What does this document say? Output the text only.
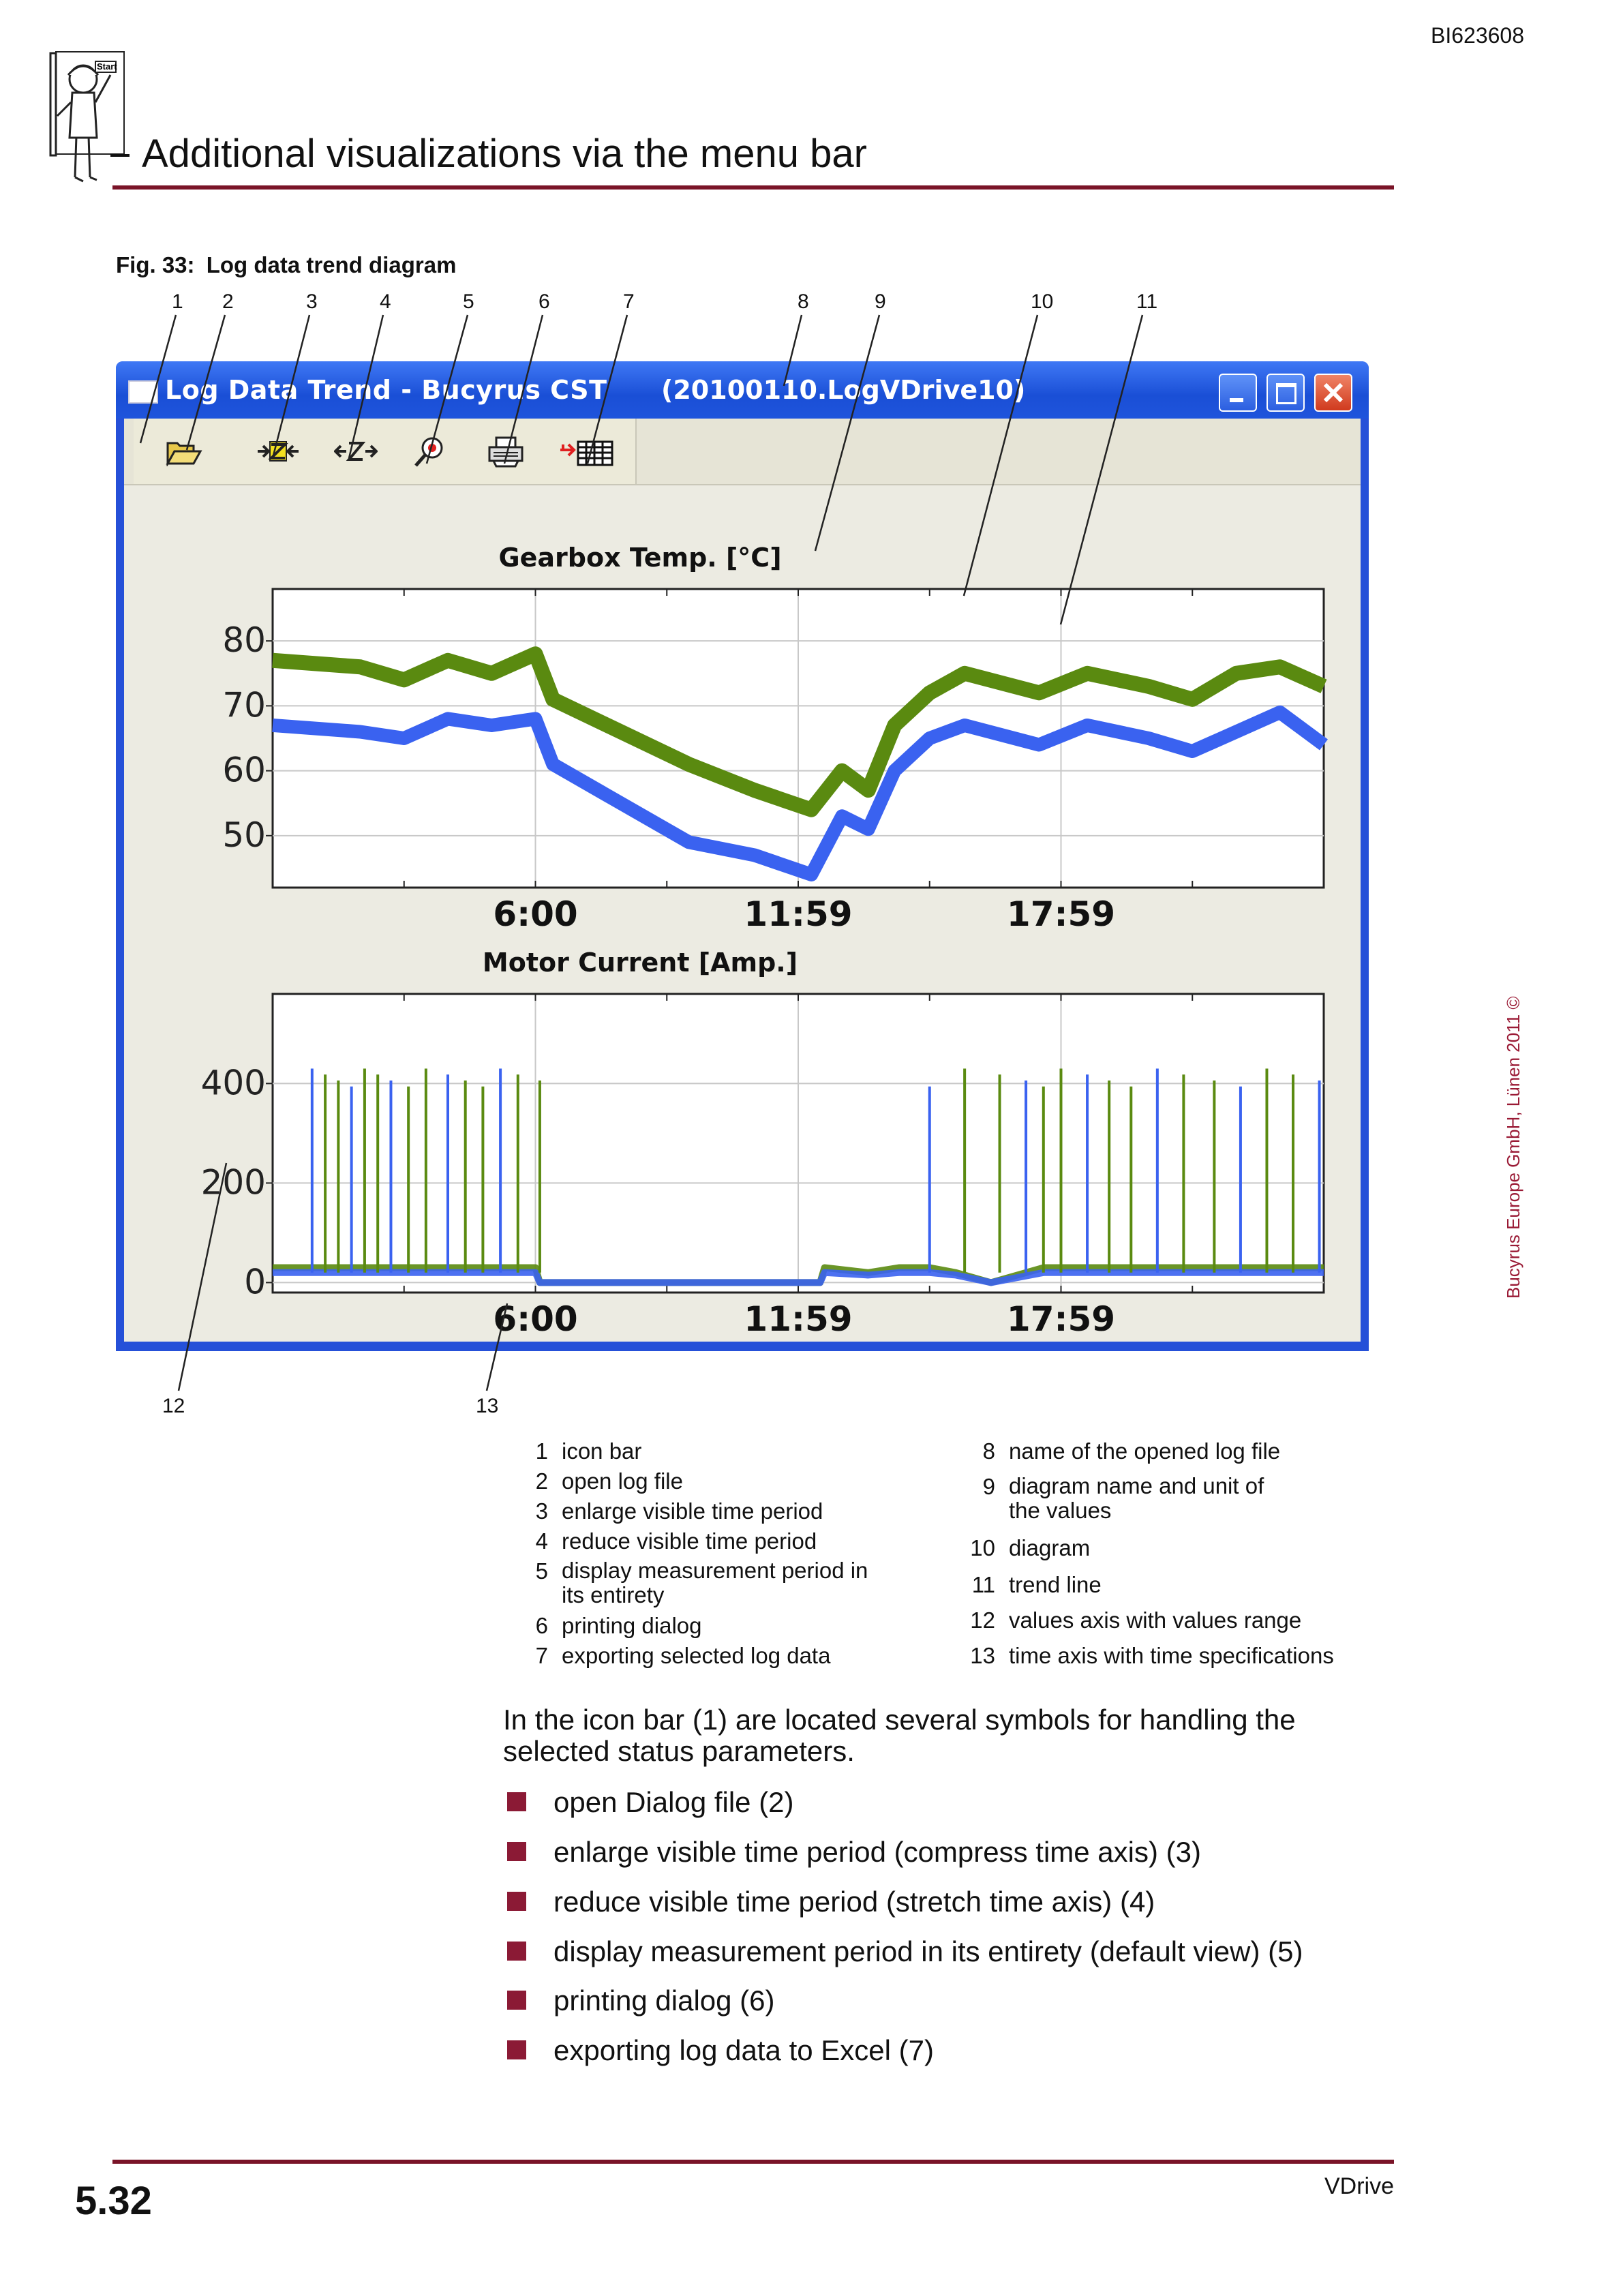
BI623608
Start
Additional visualizations via the menu bar
Fig. 33: Log data trend diagram
1 2	3	4	5	6	7	8	9	10	11
12	13
Log Data Trend - Bucyrus CST (20100110.LogVDrive10)
Gearbox Temp. [°C]
80
70
60
50
6:00	11:59	17:59
Motor Current [Amp.]
400
200
0
6:00	11:59	17:59
1 icon bar
2 open log file
3 enlarge visible time period
4 reduce visible time period
5 display measurement period in its entirety
6 printing dialog
7 exporting selected log data
8 name of the opened log file
9 diagram name and unit of the values
10 diagram
11 trend line
12 values axis with values range
13 time axis with time specifications
In the icon bar (1) are located several symbols for handling the selected status parameters.
open Dialog file (2)
enlarge visible time period (compress time axis) (3)
reduce visible time period (stretch time axis) (4)
display measurement period in its entirety (default view) (5)
printing dialog (6)
exporting log data to Excel (7)
Bucyrus Europe GmbH, Lünen 2011 ©
5.32	VDrive
